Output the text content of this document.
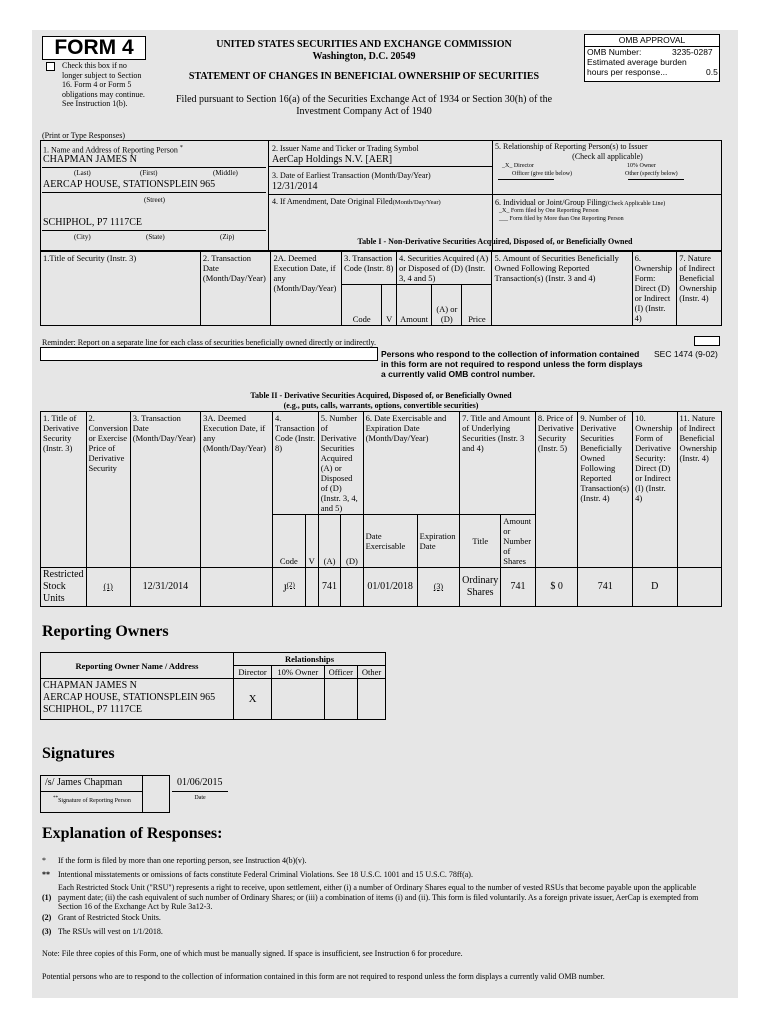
FORM 4
Check this box if no longer subject to Section 16. Form 4 or Form 5 obligations may continue. See Instruction 1(b).
UNITED STATES SECURITIES AND EXCHANGE COMMISSION
Washington, D.C. 20549
STATEMENT OF CHANGES IN BENEFICIAL OWNERSHIP OF SECURITIES
Filed pursuant to Section 16(a) of the Securities Exchange Act of 1934 or Section 30(h) of the Investment Company Act of 1940
OMB APPROVAL
OMB Number:	3235-0287
Estimated average burden
hours per response...	0.5
(Print or Type Responses)
1. Name and Address of Reporting Person *
CHAPMAN JAMES N
(Last)	(First)	(Middle)
AERCAP HOUSE, STATIONSPLEIN 965
(Street)
SCHIPHOL, P7 1117CE
(City)	(State)	(Zip)
2. Issuer Name and Ticker or Trading Symbol
AerCap Holdings N.V. [AER]
3. Date of Earliest Transaction (Month/Day/Year)
12/31/2014
4. If Amendment, Date Original Filed(Month/Day/Year)
5. Relationship of Reporting Person(s) to Issuer
(Check all applicable)
_X_ Director	10% Owner
Officer (give title below)	Other (specify below)
6. Individual or Joint/Group Filing(Check Applicable Line)
_X_ Form filed by One Reporting Person
___ Form filed by More than One Reporting Person
Table I - Non-Derivative Securities Acquired, Disposed of, or Beneficially Owned
1.Title of Security (Instr. 3)	2. Transaction Date (Month/Day/Year)	2A. Deemed Execution Date, if any (Month/Day/Year)	3. Transaction Code (Instr. 8)		4. Securities Acquired (A) or Disposed of (D) (Instr. 3, 4 and 5)			5. Amount of Securities Beneficially Owned Following Reported Transaction(s) (Instr. 3 and 4)	6. Ownership Form: Direct (D) or Indirect (I) (Instr. 4)	7. Nature of Indirect Beneficial Ownership (Instr. 4)
			Code	V	Amount	(A) or (D)	Price			
Reminder: Report on a separate line for each class of securities beneficially owned directly or indirectly.
Persons who respond to the collection of information contained in this form are not required to respond unless the form displays a currently valid OMB control number.
SEC 1474 (9-02)
Table II - Derivative Securities Acquired, Disposed of, or Beneficially Owned
(e.g., puts, calls, warrants, options, convertible securities)
1. Title of Derivative Security (Instr. 3)	2. Conversion or Exercise Price of Derivative Security	3. Transaction Date (Month/Day/Year)	3A. Deemed Execution Date, if any (Month/Day/Year)	4. Transaction Code (Instr. 8)		5. Number of Derivative Securities Acquired (A) or Disposed of (D) (Instr. 3, 4, and 5)		6. Date Exercisable and Expiration Date (Month/Day/Year)		7. Title and Amount of Underlying Securities (Instr. 3 and 4)		8. Price of Derivative Security (Instr. 5)	9. Number of Derivative Securities Beneficially Owned Following Reported Transaction(s) (Instr. 4)	10. Ownership Form of Derivative Security: Direct (D) or Indirect (I) (Instr. 4)	11. Nature of Indirect Beneficial Ownership (Instr. 4)
				Code	V	(A)	(D)	Date Exercisable	Expiration Date	Title	Amount or Number of Shares				
Restricted Stock Units	(1)	12/31/2014		$J^{(2)}$		741		01/01/2018	(3)	Ordinary Shares	741	$ 0	741	D	
Reporting Owners
Reporting Owner Name / Address	Relationships			
	Director	10% Owner	Officer	Other

CHAPMAN JAMES N
AERCAP HOUSE, STATIONSPLEIN 965
SCHIPHOL, P7 1117CE	X			
Signatures
/s/ James Chapman
**Signature of Reporting Person
01/06/2015
Date
Explanation of Responses:
* If the form is filed by more than one reporting person, see Instruction 4(b)(v).
** Intentional misstatements or omissions of facts constitute Federal Criminal Violations. See 18 U.S.C. 1001 and 15 U.S.C. 78ff(a).
(1)
Each Restricted Stock Unit ("RSU") represents a right to receive, upon settlement, either (i) a number of Ordinary Shares equal to the number of vested RSUs that become payable upon the applicable payment date; (ii) the cash equivalent of such number of Ordinary Shares; or (iii) a combination of items (i) and (ii). This form is filed voluntarily. As a foreign private issuer, AerCap is exempted from Section 16 of the Exchange Act by Rule 3a12-3.
(2) Grant of Restricted Stock Units.
(3) The RSUs will vest on 1/1/2018.
Note: File three copies of this Form, one of which must be manually signed. If space is insufficient, see Instruction 6 for procedure.
Potential persons who are to respond to the collection of information contained in this form are not required to respond unless the form displays a currently valid OMB number.
